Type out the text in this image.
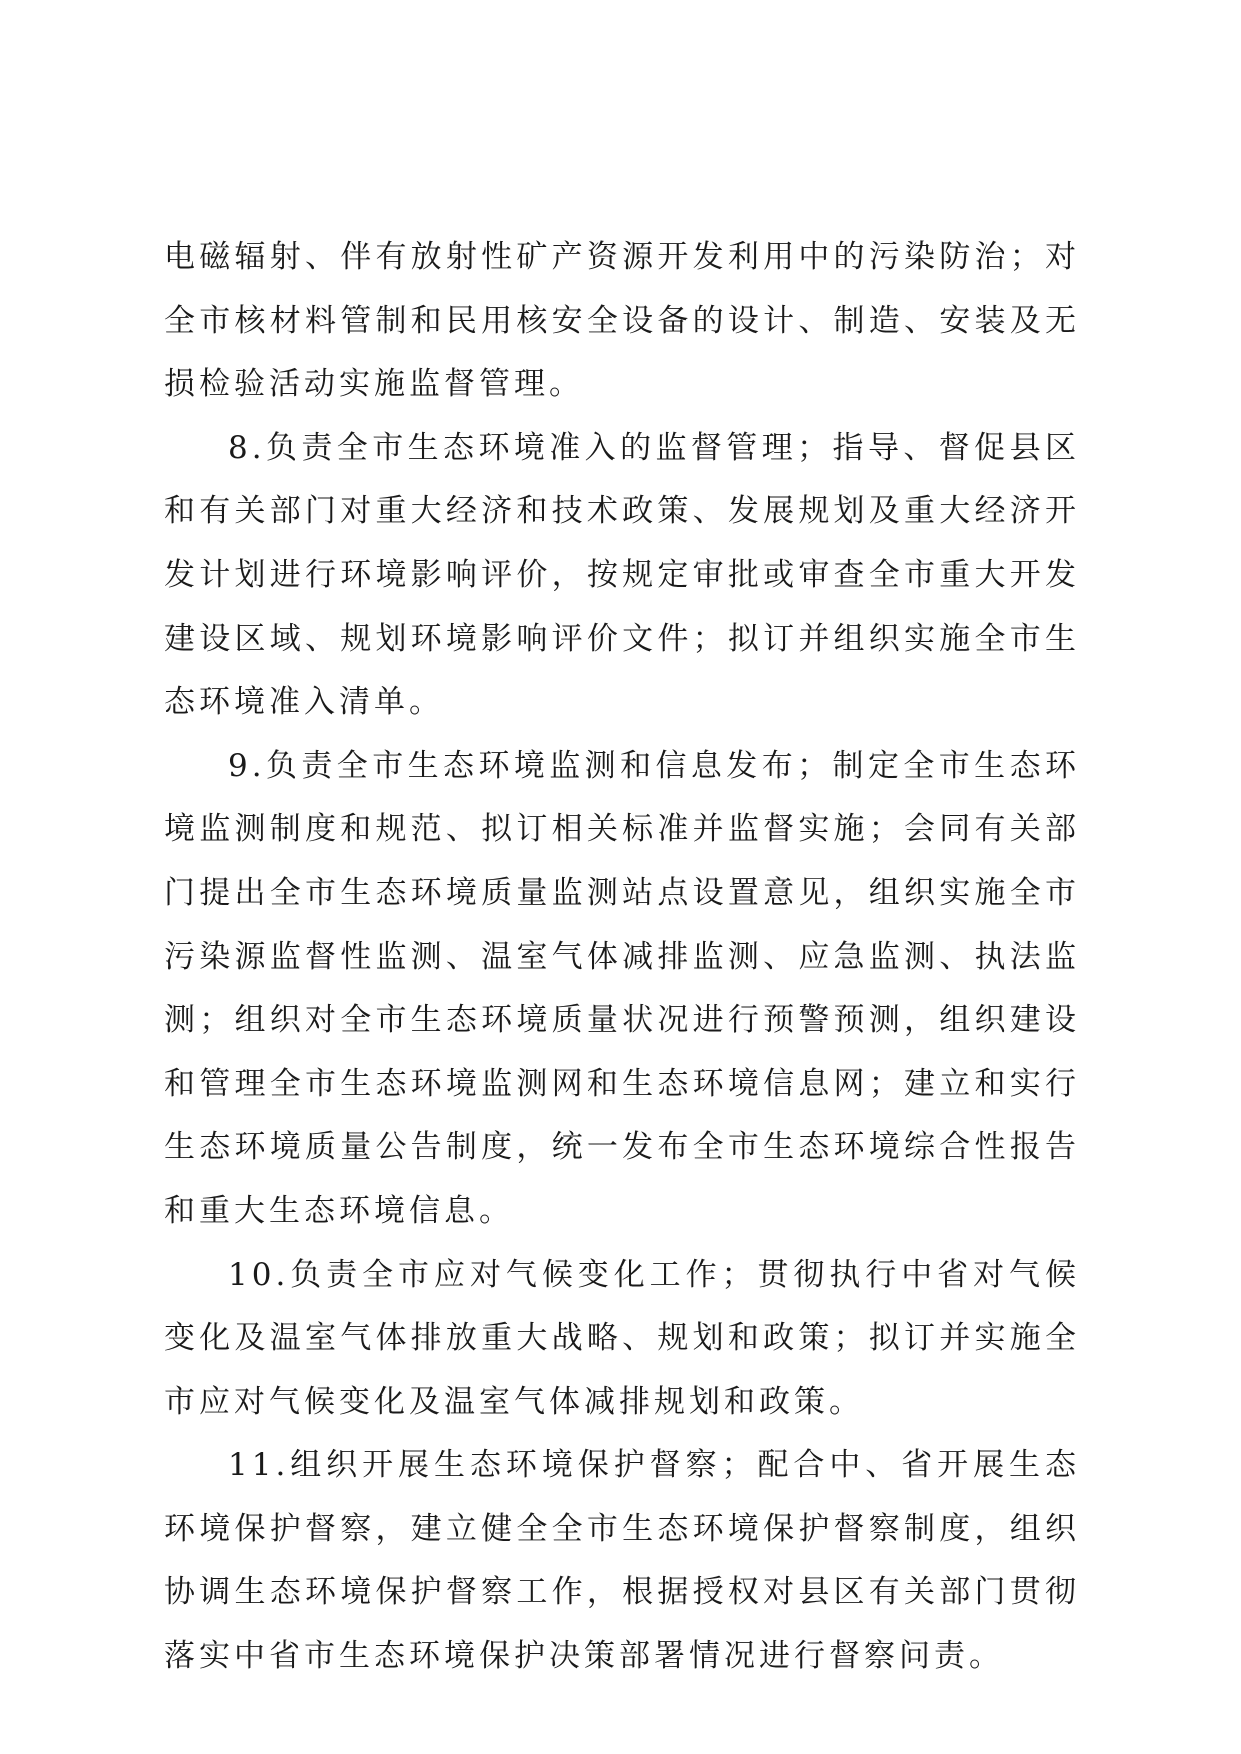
电磁辐射、伴有放射性矿产资源开发利用中的污染防治；对全市核材料管制和民用核安全设备的设计、制造、安装及无损检验活动实施监督管理。

8.负责全市生态环境准入的监督管理；指导、督促县区和有关部门对重大经济和技术政策、发展规划及重大经济开发计划进行环境影响评价，按规定审批或审查全市重大开发建设区域、规划环境影响评价文件；拟订并组织实施全市生态环境准入清单。

9.负责全市生态环境监测和信息发布；制定全市生态环境监测制度和规范、拟订相关标准并监督实施；会同有关部门提出全市生态环境质量监测站点设置意见，组织实施全市污染源监督性监测、温室气体减排监测、应急监测、执法监测；组织对全市生态环境质量状况进行预警预测，组织建设和管理全市生态环境监测网和生态环境信息网；建立和实行生态环境质量公告制度，统一发布全市生态环境综合性报告和重大生态环境信息。

10.负责全市应对气候变化工作；贯彻执行中省对气候变化及温室气体排放重大战略、规划和政策；拟订并实施全市应对气候变化及温室气体减排规划和政策。

11.组织开展生态环境保护督察；配合中、省开展生态环境保护督察，建立健全全市生态环境保护督察制度，组织协调生态环境保护督察工作，根据授权对县区有关部门贯彻落实中省市生态环境保护决策部署情况进行督察问责。
